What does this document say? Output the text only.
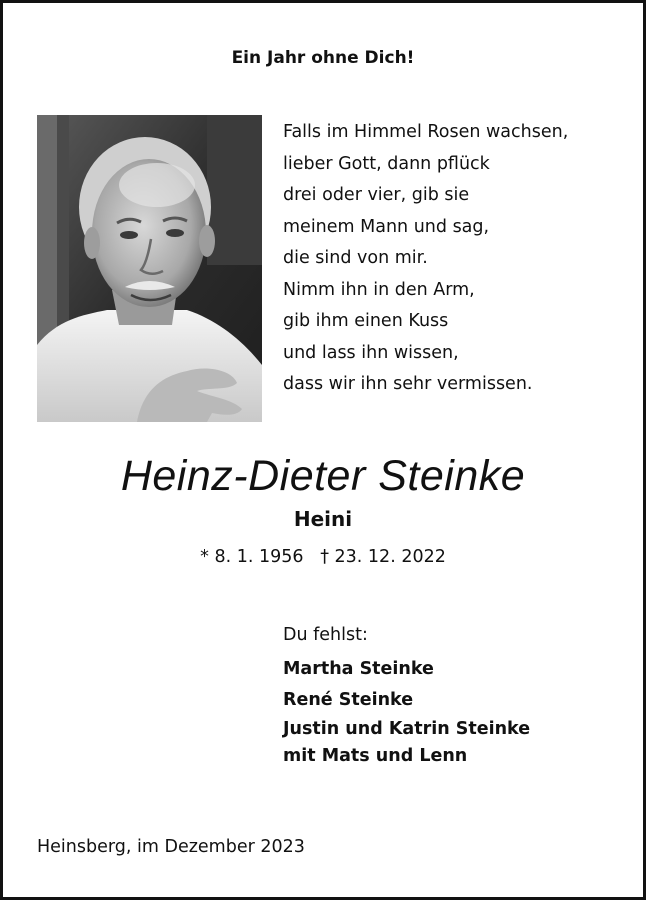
Ein Jahr ohne Dich!
Falls im Himmel Rosen wachsen,
lieber Gott, dann pflück
drei oder vier, gib sie
meinem Mann und sag,
die sind von mir.
Nimm ihn in den Arm,
gib ihm einen Kuss
und lass ihn wissen,
dass wir ihn sehr vermissen.
Heinz-Dieter Steinke
Heini
* 8. 1. 1956 † 23. 12. 2022
Du fehlst:
Martha Steinke
René Steinke
Justin und Katrin Steinke
mit Mats und Lenn
Heinsberg, im Dezember 2023
